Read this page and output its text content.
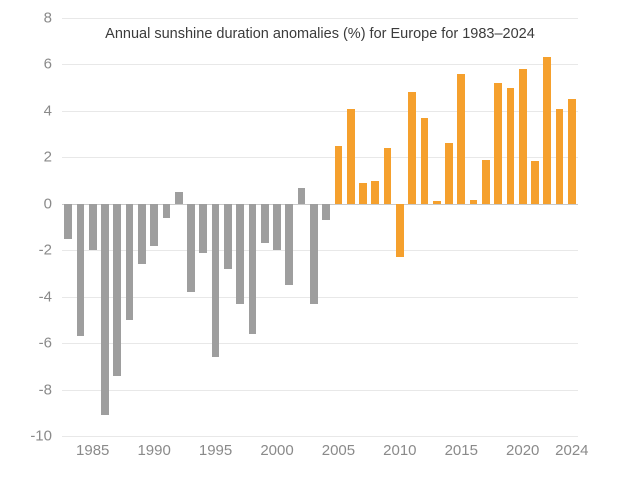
-10
-8
-6
-4
-2
0
2
4
6
8
1985 1990 1995 2000 2005 2010 2015 2020 2024
Annual sunshine duration anomalies (%) for Europe for 1983–2024
